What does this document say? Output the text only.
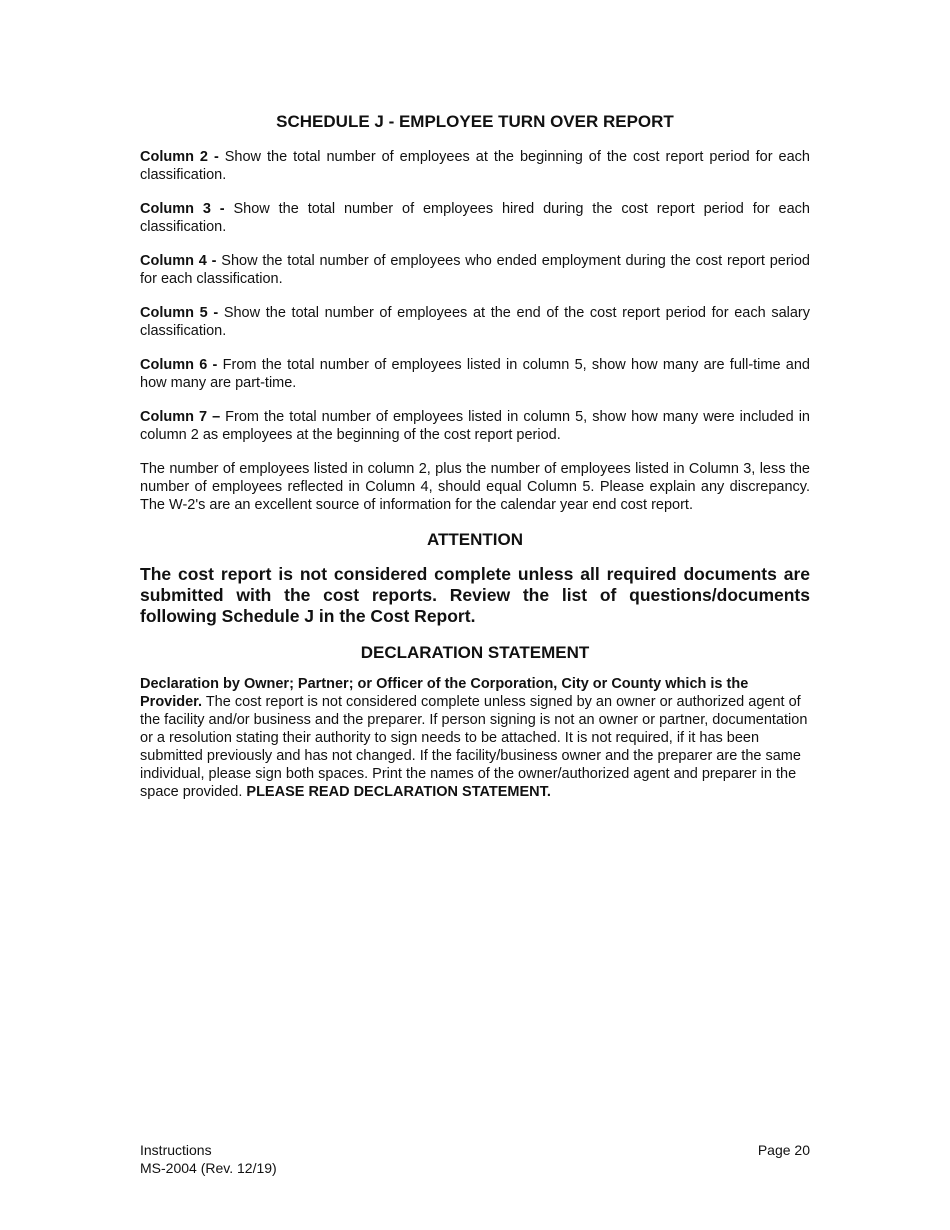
SCHEDULE J - EMPLOYEE TURN OVER REPORT

Column 2 - Show the total number of employees at the beginning of the cost report period for each classification.

Column 3 - Show the total number of employees hired during the cost report period for each classification.

Column 4 - Show the total number of employees who ended employment during the cost report period for each classification.

Column 5 - Show the total number of employees at the end of the cost report period for each salary classification.

Column 6 - From the total number of employees listed in column 5, show how many are full-time and how many are part-time.

Column 7 – From the total number of employees listed in column 5, show how many were included in column 2 as employees at the beginning of the cost report period.

The number of employees listed in column 2, plus the number of employees listed in Column 3, less the number of employees reflected in Column 4, should equal Column 5. Please explain any discrepancy. The W-2's are an excellent source of information for the calendar year end cost report.

ATTENTION
The cost report is not considered complete unless all required documents are submitted with the cost reports. Review the list of questions/documents following Schedule J in the Cost Report.
DECLARATION STATEMENT

Declaration by Owner; Partner; or Officer of the Corporation, City or County which is the Provider. The cost report is not considered complete unless signed by an owner or authorized agent of the facility and/or business and the preparer. If person signing is not an owner or partner, documentation or a resolution stating their authority to sign needs to be attached. It is not required, if it has been submitted previously and has not changed. If the facility/business owner and the preparer are the same individual, please sign both spaces. Print the names of the owner/authorized agent and preparer in the space provided. PLEASE READ DECLARATION STATEMENT.

Instructions
MS-2004 (Rev. 12/19)
Page 20
